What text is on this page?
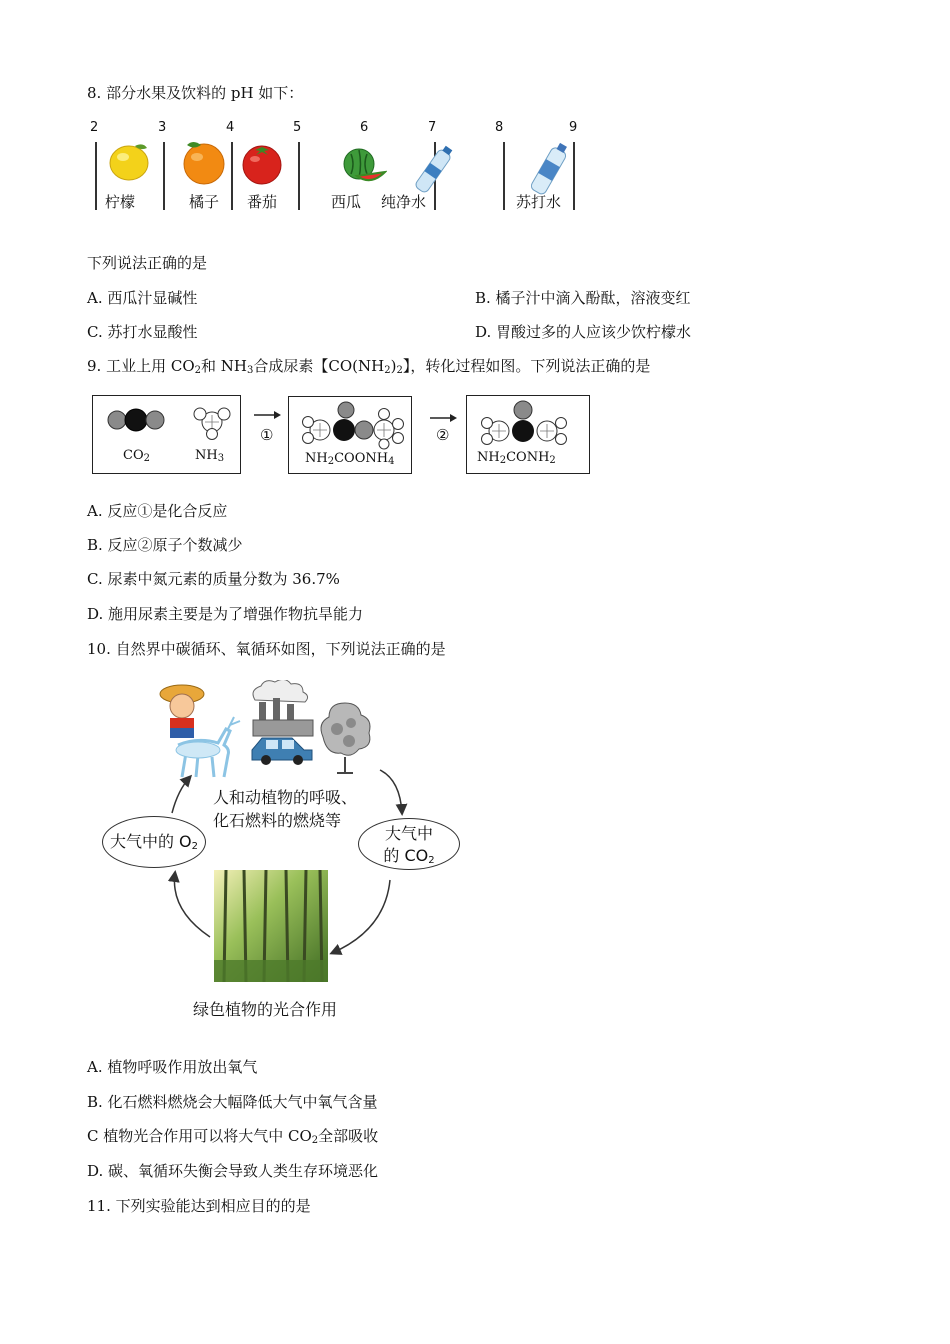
8. 部分水果及饮料的 pH 如下：
2	3	4	5	6	7	8	9
柠檬	橘子 番茄	西瓜 纯净水	苏打水
下列说法正确的是
A. 西瓜汁显碱性	B. 橘子汁中滴入酚酞，溶液变红
C. 苏打水显酸性	D. 胃酸过多的人应该少饮柠檬水
9. 工业上用 $CO_2$和 $NH_3$合成尿素【$CO(NH_2)_2$】，转化过程如图。下列说法正确的是
$CO_2$	$NH_3$
①
$NH_2COONH_4$
②
$NH_2CONH_2$
A. 反应①是化合反应
B. 反应②原子个数减少
C. 尿素中氮元素的质量分数为 36.7%
D. 施用尿素主要是为了增强作物抗旱能力
10. 自然界中碳循环、氧循环如图，下列说法正确的是
人和动植物的呼吸、
化石燃料的燃烧等
大气中的 $O_2$
大气中
的 $CO_2$
绿色植物的光合作用
A. 植物呼吸作用放出氧气
B. 化石燃料燃烧会大幅降低大气中氧气含量
C 植物光合作用可以将大气中 $CO_2$全部吸收
D. 碳、氧循环失衡会导致人类生存环境恶化
11. 下列实验能达到相应目的的是
